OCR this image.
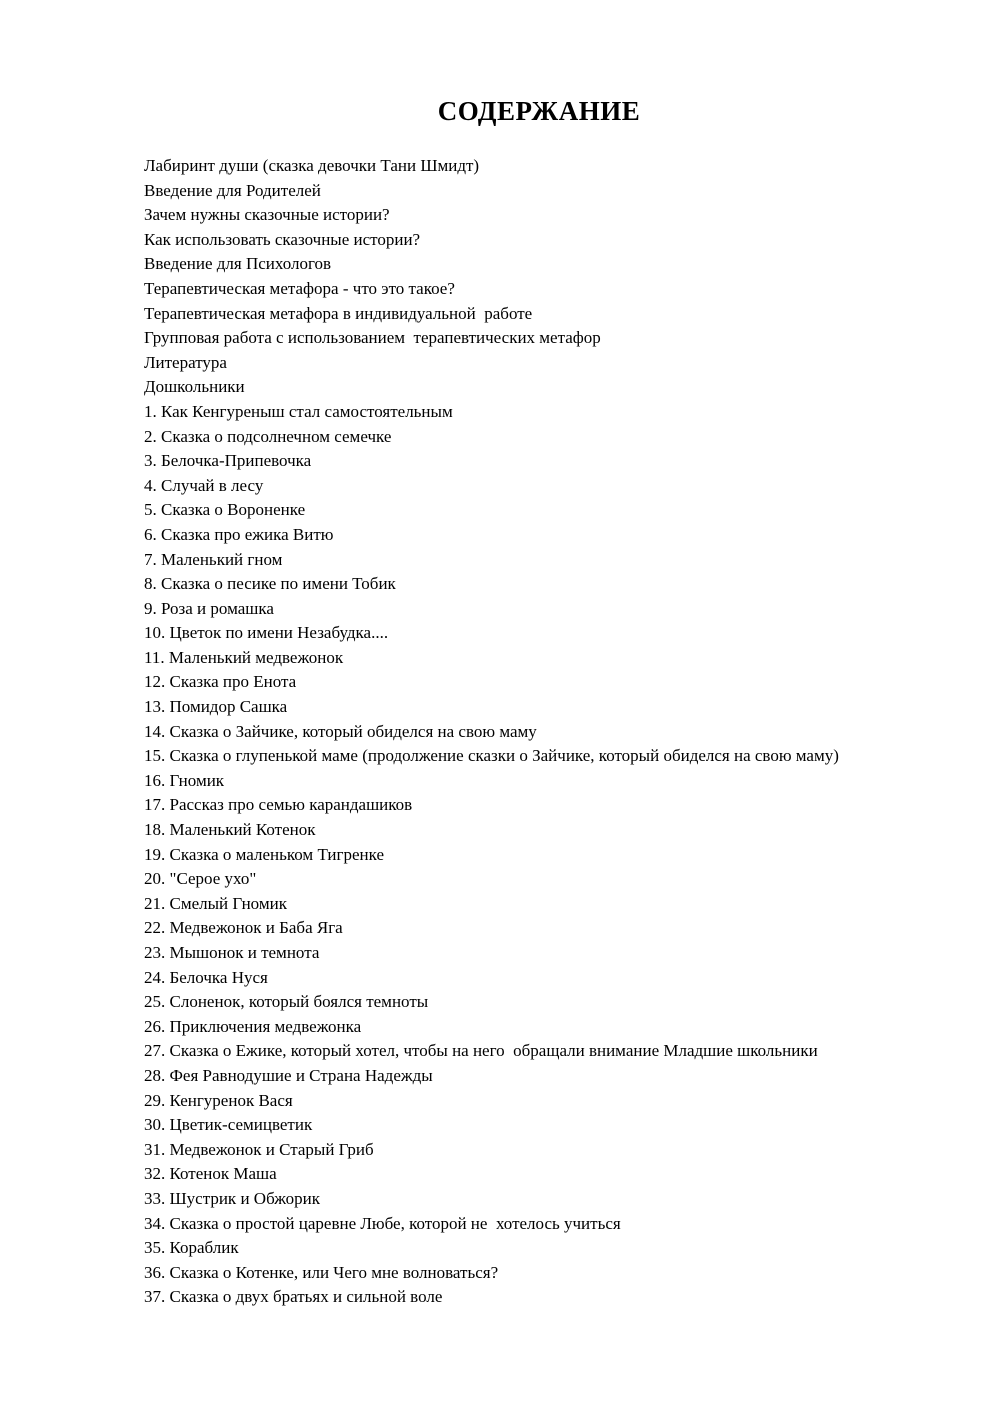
СОДЕРЖАНИЕ
Лабиринт души (сказка девочки Тани Шмидт)
Введение для Родителей
Зачем нужны сказочные истории?
Как использовать сказочные истории?
Введение для Психологов
Терапевтическая метафора - что это такое?
Терапевтическая метафора в индивидуальной  работе
Групповая работа с использованием  терапевтических метафор
Литература
Дошкольники
1. Как Кенгуреныш стал самостоятельным
2. Сказка о подсолнечном семечке
3. Белочка-Припевочка
4. Случай в лесу
5. Сказка о Вороненке
6. Сказка про ежика Витю
7. Маленький гном
8. Сказка о песике по имени Тобик
9. Роза и ромашка
10. Цветок по имени Незабудка....
11. Маленький медвежонок
12. Сказка про Енота
13. Помидор Сашка
14. Сказка о Зайчике, который обиделся на свою маму
15. Сказка о глупенькой маме (продолжение сказки о Зайчике, который обиделся на свою маму)
16. Гномик
17. Рассказ про семью карандашиков
18. Маленький Котенок
19. Сказка о маленьком Тигренке
20. "Серое ухо"
21. Смелый Гномик
22. Медвежонок и Баба Яга
23. Мышонок и темнота
24. Белочка Нуся
25. Слоненок, который боялся темноты
26. Приключения медвежонка
27. Сказка о Ежике, который хотел, чтобы на него  обращали внимание Младшие школьники
28. Фея Равнодушие и Страна Надежды
29. Кенгуренок Вася
30. Цветик-семицветик
31. Медвежонок и Старый Гриб
32. Котенок Маша
33. Шустрик и Обжорик
34. Сказка о простой царевне Любе, которой не  хотелось учиться
35. Кораблик
36. Сказка о Котенке, или Чего мне волноваться?
37. Сказка о двух братьях и сильной воле
